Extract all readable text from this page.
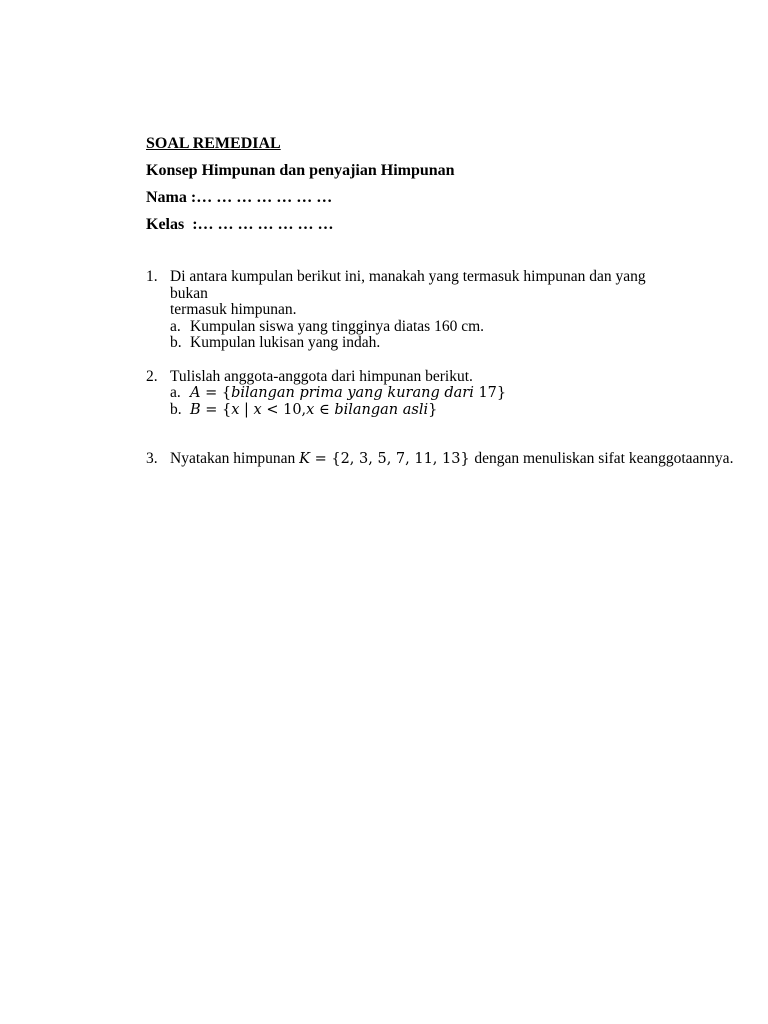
SOAL REMEDIAL
Konsep Himpunan dan penyajian Himpunan
Nama :… … … … … … …
Kelas  :… … … … … … …
1. Di antara kumpulan berikut ini, manakah yang termasuk himpunan dan yang bukan
termasuk himpunan.
a. Kumpulan siswa yang tingginya diatas 160 cm.
b. Kumpulan lukisan yang indah.
2. Tulislah anggota-anggota dari himpunan berikut.
a. A = {bilangan prima yang kurang dari 17}
b. B = {x | x < 10,x ∈ bilangan asli}
3. Nyatakan himpunan K = {2, 3, 5, 7, 11, 13} dengan menuliskan sifat keanggotaannya.
